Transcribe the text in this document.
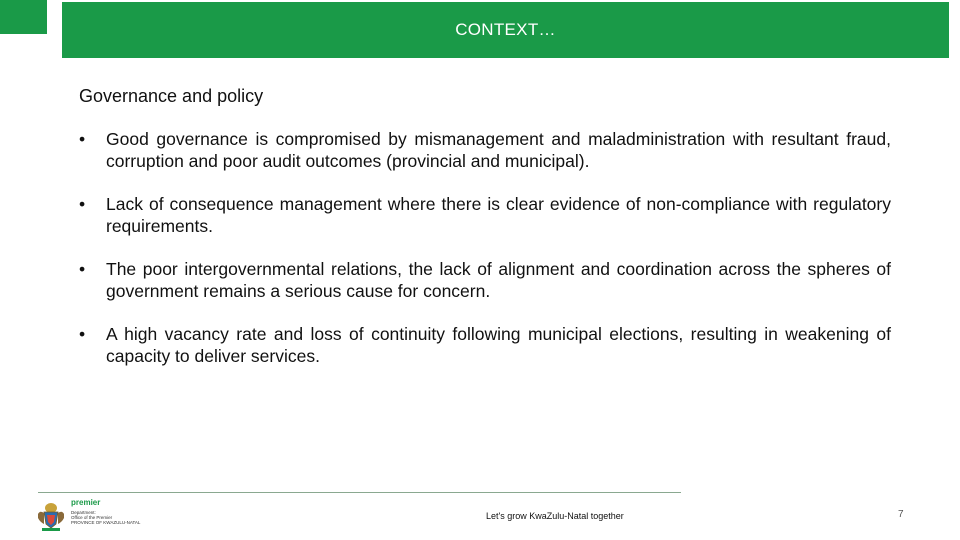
CONTEXT…
Governance and policy
• Good governance is compromised by mismanagement and maladministration with resultant fraud, corruption and poor audit outcomes (provincial and municipal).
• Lack of consequence management where there is clear evidence of non-compliance with regulatory requirements.
• The poor intergovernmental relations, the lack of alignment and coordination across the spheres of government remains a serious cause for concern.
• A high vacancy rate and loss of continuity following municipal elections, resulting in weakening of capacity to deliver services.
premier
Department:
Office of the Premier
PROVINCE OF KWAZULU-NATAL
Let's grow KwaZulu-Natal together	7
